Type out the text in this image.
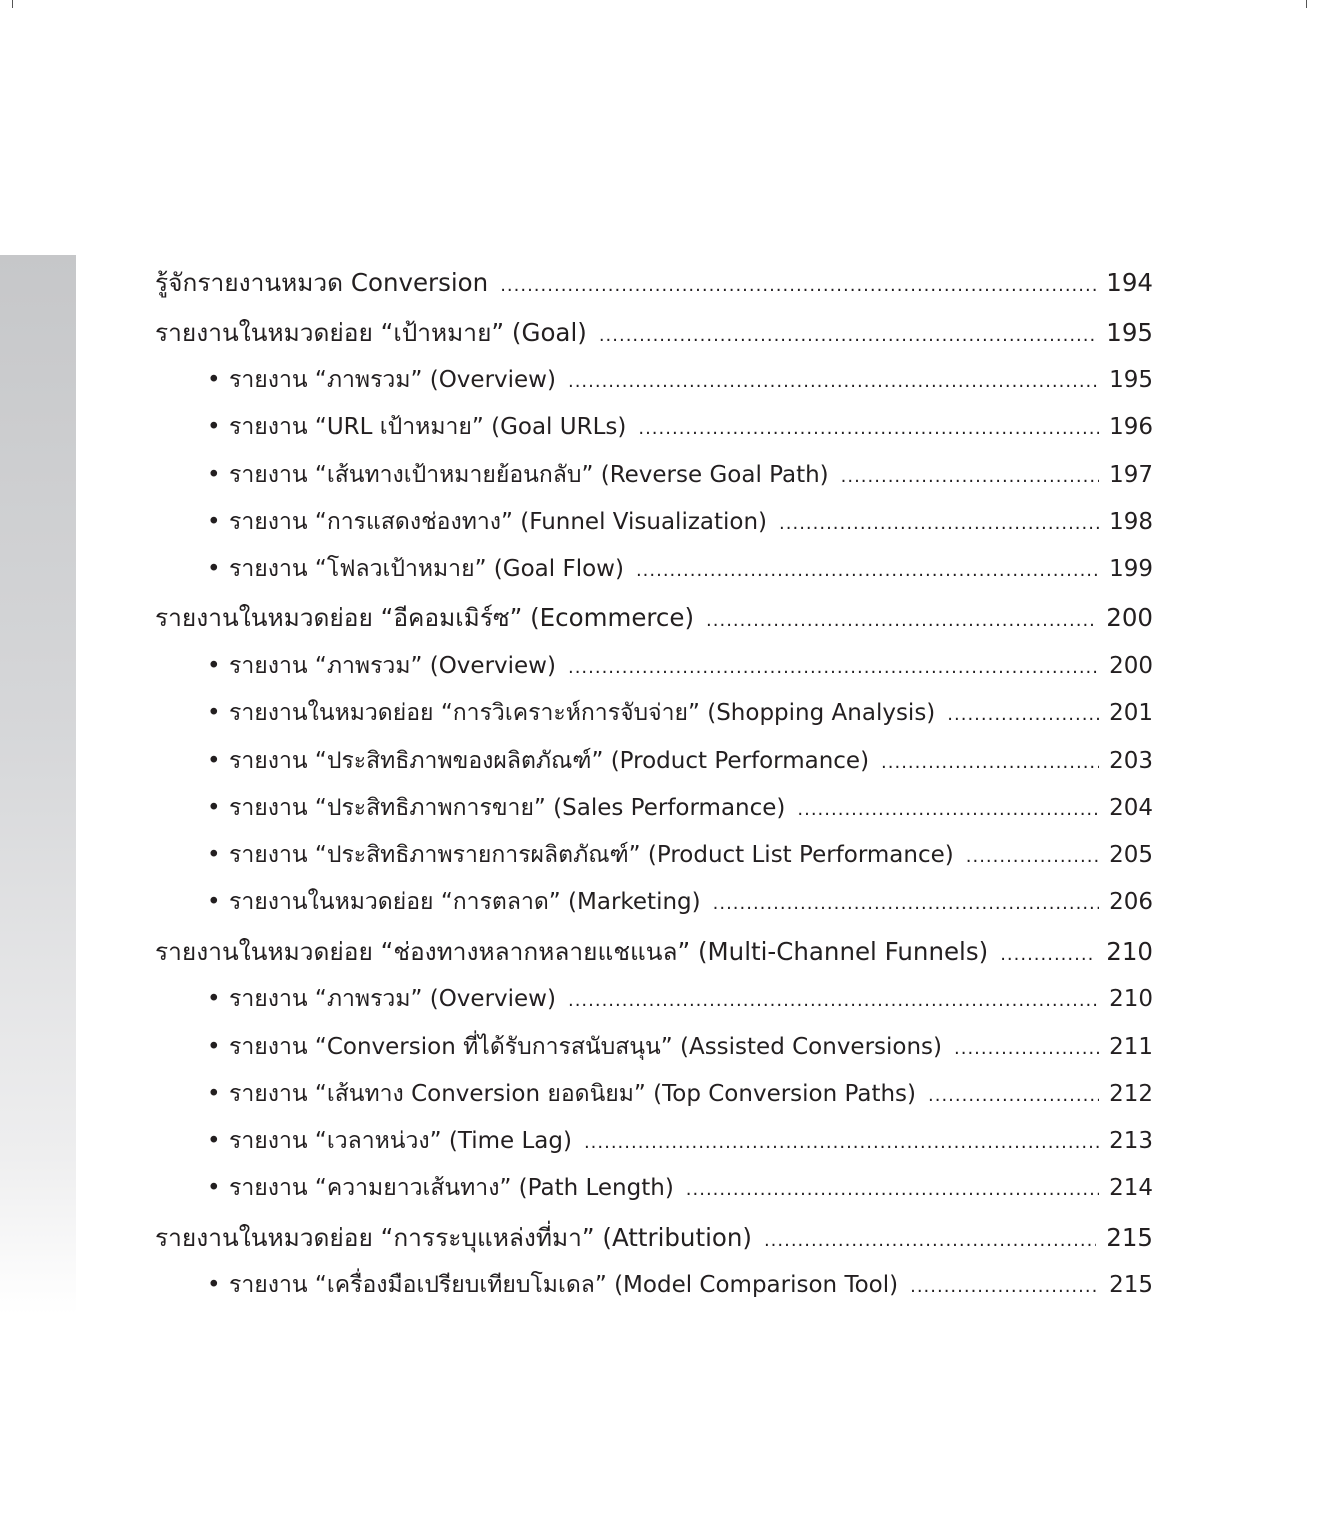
รู้จักรายงานหมวด Conversion .....	194
รายงานในหมวดย่อย “เป้าหมาย” (Goal) .....	195
• รายงาน “ภาพรวม” (Overview) .....	195
• รายงาน “URL เป้าหมาย” (Goal URLs) .....	196
• รายงาน “เส้นทางเป้าหมายย้อนกลับ” (Reverse Goal Path) .....	197
• รายงาน “การแสดงช่องทาง” (Funnel Visualization) .....	198
• รายงาน “โฟลวเป้าหมาย” (Goal Flow) .....	199
รายงานในหมวดย่อย “อีคอมเมิร์ซ” (Ecommerce) .....	200
• รายงาน “ภาพรวม” (Overview) .....	200
• รายงานในหมวดย่อย “การวิเคราะห์การจับจ่าย” (Shopping Analysis) .....	201
• รายงาน “ประสิทธิภาพของผลิตภัณฑ์” (Product Performance) .....	203
• รายงาน “ประสิทธิภาพการขาย” (Sales Performance) .....	204
• รายงาน “ประสิทธิภาพรายการผลิตภัณฑ์” (Product List Performance) .....	205
• รายงานในหมวดย่อย “การตลาด” (Marketing) .....	206
รายงานในหมวดย่อย “ช่องทางหลากหลายแชแนล” (Multi-Channel Funnels) .....	210
• รายงาน “ภาพรวม” (Overview) .....	210
• รายงาน “Conversion ที่ได้รับการสนับสนุน” (Assisted Conversions) .....	211
• รายงาน “เส้นทาง Conversion ยอดนิยม” (Top Conversion Paths) .....	212
• รายงาน “เวลาหน่วง” (Time Lag) .....	213
• รายงาน “ความยาวเส้นทาง” (Path Length) .....	214
รายงานในหมวดย่อย “การระบุแหล่งที่มา” (Attribution) .....	215
• รายงาน “เครื่องมือเปรียบเทียบโมเดล” (Model Comparison Tool) .....	215
